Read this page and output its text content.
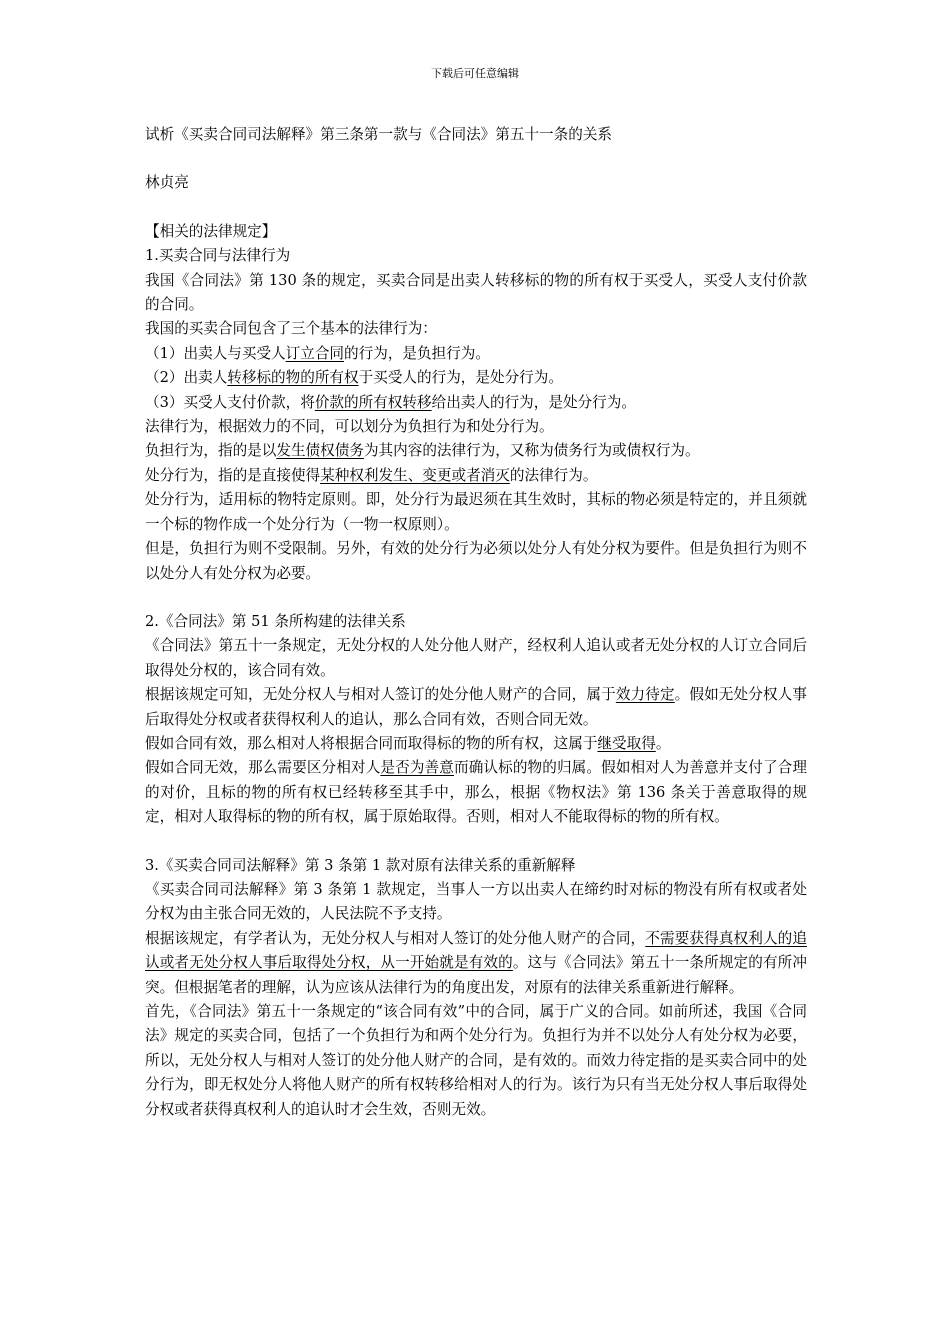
下载后可任意编辑

试析《买卖合同司法解释》第三条第一款与《合同法》第五十一条的关系

林贞亮

【相关的法律规定】

1.买卖合同与法律行为

我国《合同法》第 130 条的规定，买卖合同是出卖人转移标的物的所有权于买受人，买受人支付价款的合同。

我国的买卖合同包含了三个基本的法律行为：

（1）出卖人与买受人订立合同的行为，是负担行为。

（2）出卖人转移标的物的所有权于买受人的行为，是处分行为。

（3）买受人支付价款，将价款的所有权转移给出卖人的行为，是处分行为。

法律行为，根据效力的不同，可以划分为负担行为和处分行为。

负担行为，指的是以发生债权债务为其内容的法律行为，又称为债务行为或债权行为。

处分行为，指的是直接使得某种权利发生、变更或者消灭的法律行为。

处分行为，适用标的物特定原则。即，处分行为最迟须在其生效时，其标的物必须是特定的，并且须就一个标的物作成一个处分行为（一物一权原则）。

但是，负担行为则不受限制。另外，有效的处分行为必须以处分人有处分权为要件。但是负担行为则不以处分人有处分权为必要。

2.《合同法》第 51 条所构建的法律关系

《合同法》第五十一条规定，无处分权的人处分他人财产，经权利人追认或者无处分权的人订立合同后取得处分权的，该合同有效。

根据该规定可知，无处分权人与相对人签订的处分他人财产的合同，属于效力待定。假如无处分权人事后取得处分权或者获得权利人的追认，那么合同有效，否则合同无效。

假如合同有效，那么相对人将根据合同而取得标的物的所有权，这属于继受取得。

假如合同无效，那么需要区分相对人是否为善意而确认标的物的归属。假如相对人为善意并支付了合理的对价，且标的物的所有权已经转移至其手中，那么，根据《物权法》第 136 条关于善意取得的规定，相对人取得标的物的所有权，属于原始取得。否则，相对人不能取得标的物的所有权。

3.《买卖合同司法解释》第 3 条第 1 款对原有法律关系的重新解释

《买卖合同司法解释》第 3 条第 1 款规定，当事人一方以出卖人在缔约时对标的物没有所有权或者处分权为由主张合同无效的，人民法院不予支持。

根据该规定，有学者认为，无处分权人与相对人签订的处分他人财产的合同，不需要获得真权利人的追认或者无处分权人事后取得处分权，从一开始就是有效的。这与《合同法》第五十一条所规定的有所冲突。但根据笔者的理解，认为应该从法律行为的角度出发，对原有的法律关系重新进行解释。

首先，《合同法》第五十一条规定的“该合同有效”中的合同，属于广义的合同。如前所述，我国《合同法》规定的买卖合同，包括了一个负担行为和两个处分行为。负担行为并不以处分人有处分权为必要，所以，无处分权人与相对人签订的处分他人财产的合同，是有效的。而效力待定指的是买卖合同中的处分行为，即无权处分人将他人财产的所有权转移给相对人的行为。该行为只有当无处分权人事后取得处分权或者获得真权利人的追认时才会生效，否则无效。
